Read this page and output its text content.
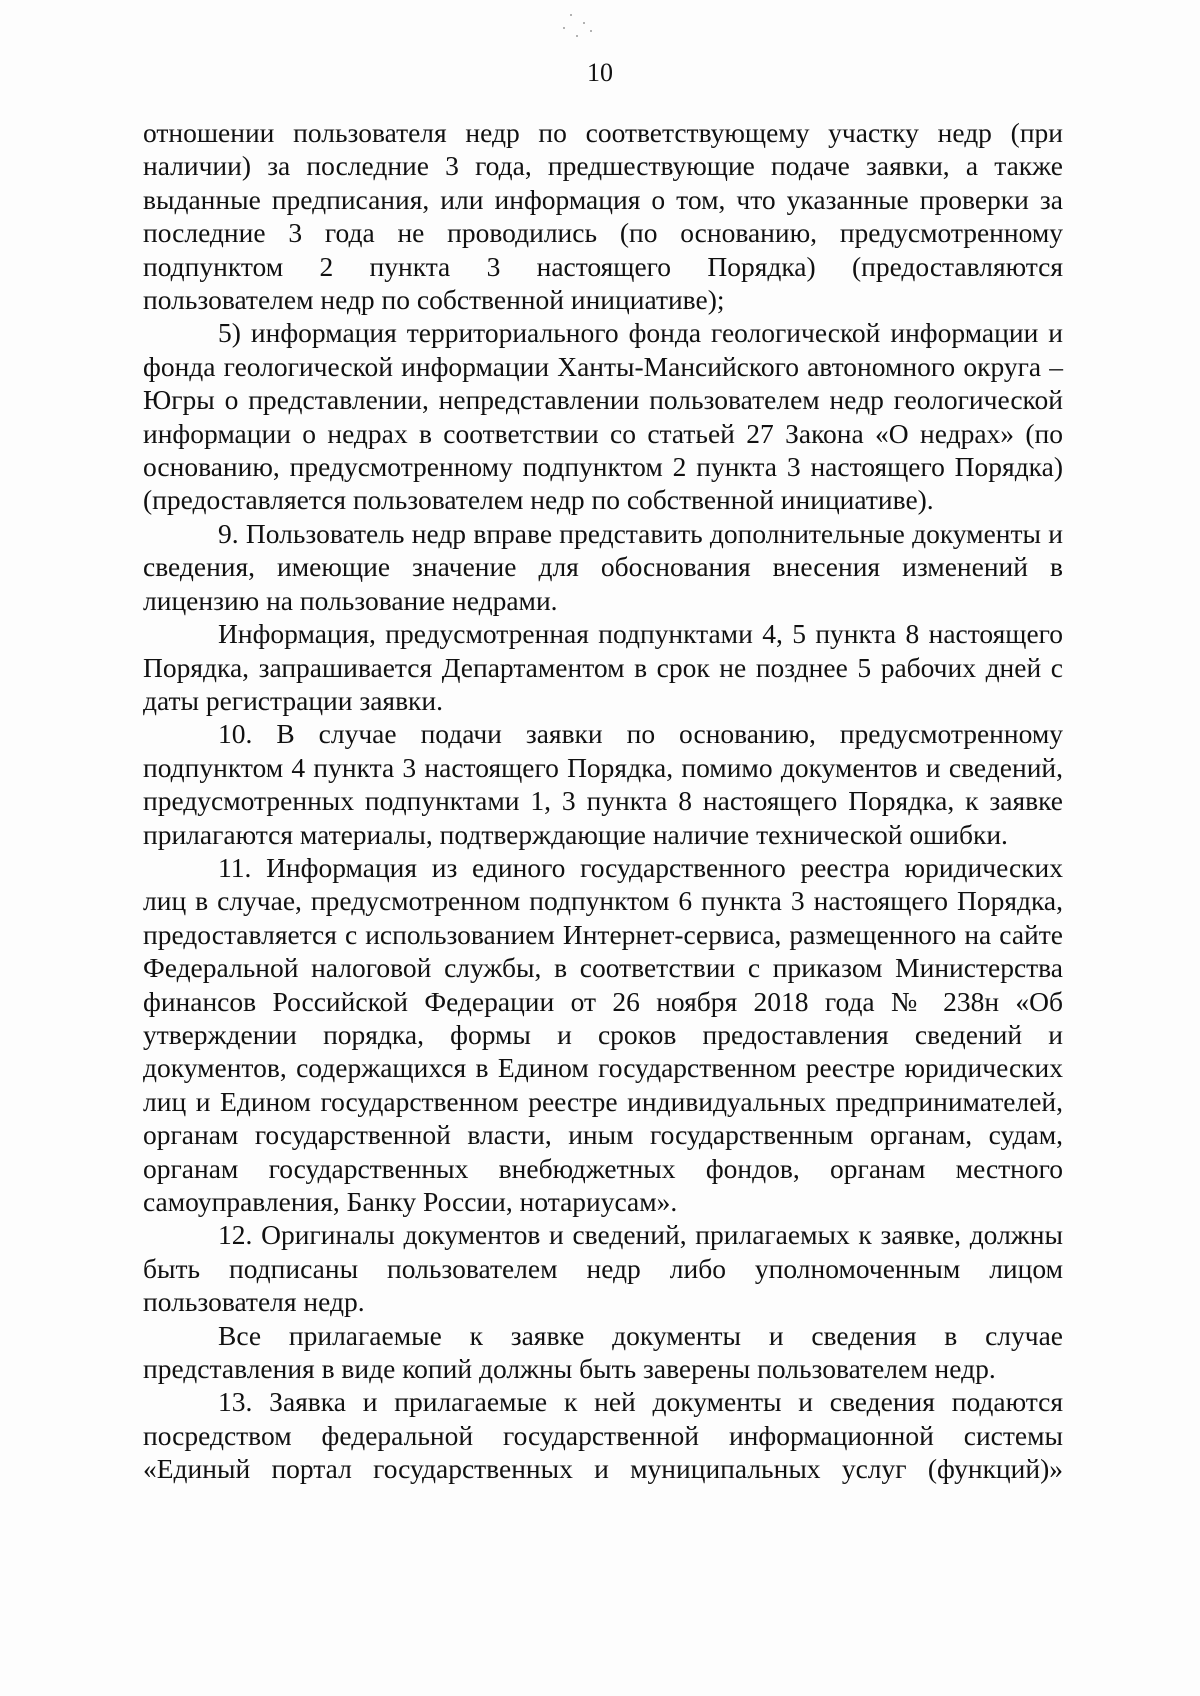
10

отношении пользователя недр по соответствующему участку недр (при наличии) за последние 3 года, предшествующие подаче заявки, а также выданные предписания, или информация о том, что указанные проверки за последние 3 года не проводились (по основанию, предусмотренному подпунктом 2 пункта 3 настоящего Порядка) (предоставляются пользователем недр по собственной инициативе);

5) информация территориального фонда геологической информации и фонда геологической информации Ханты-Мансийского автономного округа – Югры о представлении, непредставлении пользователем недр геологической информации о недрах в соответствии со статьей 27 Закона «О недрах» (по основанию, предусмотренному подпунктом 2 пункта 3 настоящего Порядка) (предоставляется пользователем недр по собственной инициативе).

9. Пользователь недр вправе представить дополнительные документы и сведения, имеющие значение для обоснования внесения изменений в лицензию на пользование недрами.

Информация, предусмотренная подпунктами 4, 5 пункта 8 настоящего Порядка, запрашивается Департаментом в срок не позднее 5 рабочих дней с даты регистрации заявки.

10. В случае подачи заявки по основанию, предусмотренному подпунктом 4 пункта 3 настоящего Порядка, помимо документов и сведений, предусмотренных подпунктами 1, 3 пункта 8 настоящего Порядка, к заявке прилагаются материалы, подтверждающие наличие технической ошибки.

11. Информация из единого государственного реестра юридических лиц в случае, предусмотренном подпунктом 6 пункта 3 настоящего Порядка, предоставляется с использованием Интернет-сервиса, размещенного на сайте Федеральной налоговой службы, в соответствии с приказом Министерства финансов Российской Федерации от 26 ноября 2018 года № 238н «Об утверждении порядка, формы и сроков предоставления сведений и документов, содержащихся в Едином государственном реестре юридических лиц и Едином государственном реестре индивидуальных предпринимателей, органам государственной власти, иным государственным органам, судам, органам государственных внебюджетных фондов, органам местного самоуправления, Банку России, нотариусам».

12. Оригиналы документов и сведений, прилагаемых к заявке, должны быть подписаны пользователем недр либо уполномоченным лицом пользователя недр.

Все прилагаемые к заявке документы и сведения в случае представления в виде копий должны быть заверены пользователем недр.

13. Заявка и прилагаемые к ней документы и сведения подаются посредством федеральной государственной информационной системы «Единый портал государственных и муниципальных услуг (функций)»
